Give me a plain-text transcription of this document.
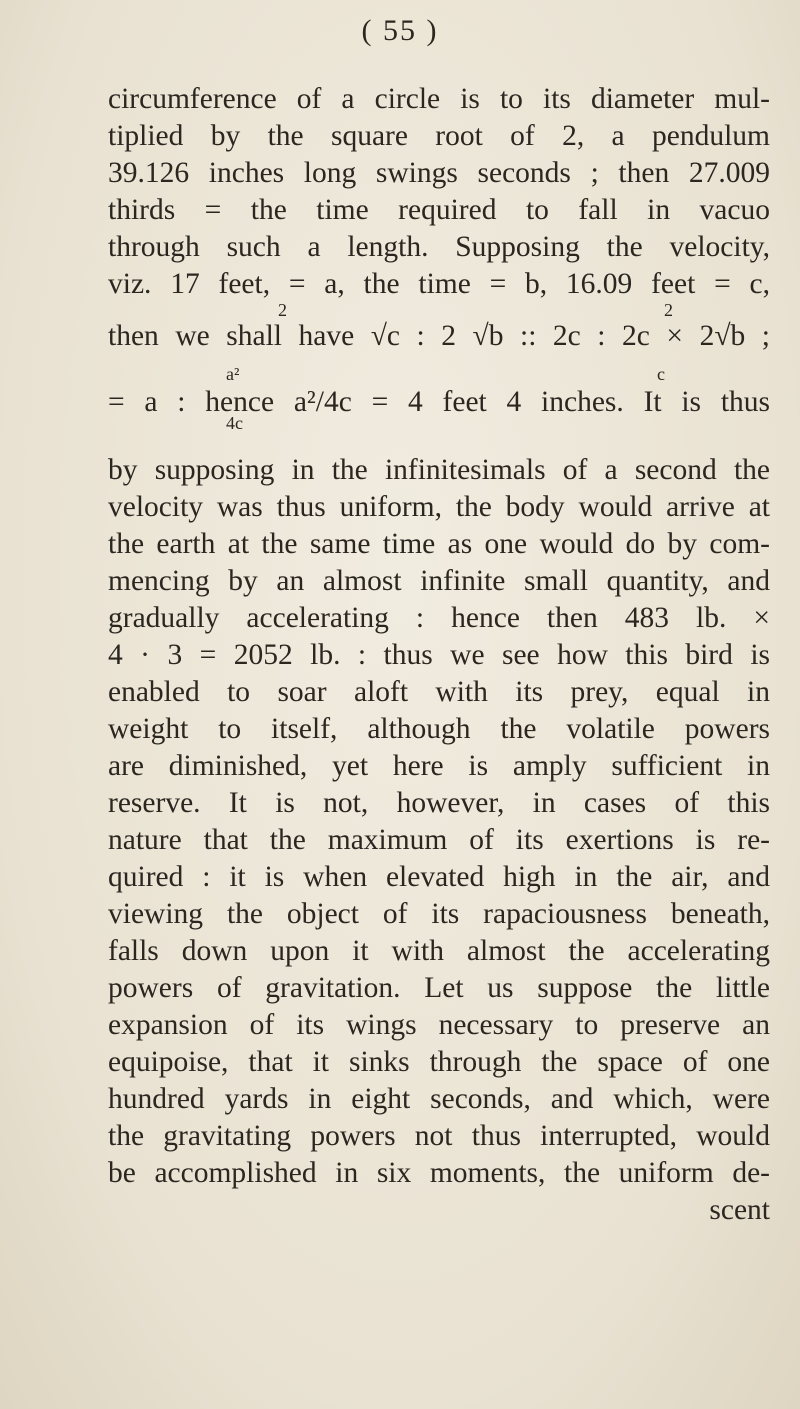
( 55 )
circumference of a circle is to its diameter mul-
tiplied by the square root of 2, a pendulum
39.126 inches long swings seconds ; then 27.009
thirds = the time required to fall in vacuo
through such a length. Supposing the velocity,
viz. 17 feet, = a, the time = b, 16.09 feet = c,
2	2
then we shall have √c : 2 √b :: 2c : 2c × 2√b ;
a²	c
= a : hence a²/4c = 4 feet 4 inches. It is thus
4c
by supposing in the infinitesimals of a second the
velocity was thus uniform, the body would arrive at
the earth at the same time as one would do by com-
mencing by an almost infinite small quantity, and
gradually accelerating : hence then 483 lb. ×
4 · 3 = 2052 lb. : thus we see how this bird is
enabled to soar aloft with its prey, equal in
weight to itself, although the volatile powers
are diminished, yet here is amply sufficient in
reserve. It is not, however, in cases of this
nature that the maximum of its exertions is re-
quired : it is when elevated high in the air, and
viewing the object of its rapaciousness beneath,
falls down upon it with almost the accelerating
powers of gravitation. Let us suppose the little
expansion of its wings necessary to preserve an
equipoise, that it sinks through the space of one
hundred yards in eight seconds, and which, were
the gravitating powers not thus interrupted, would
scent
be accomplished in six moments, the uniform de-
